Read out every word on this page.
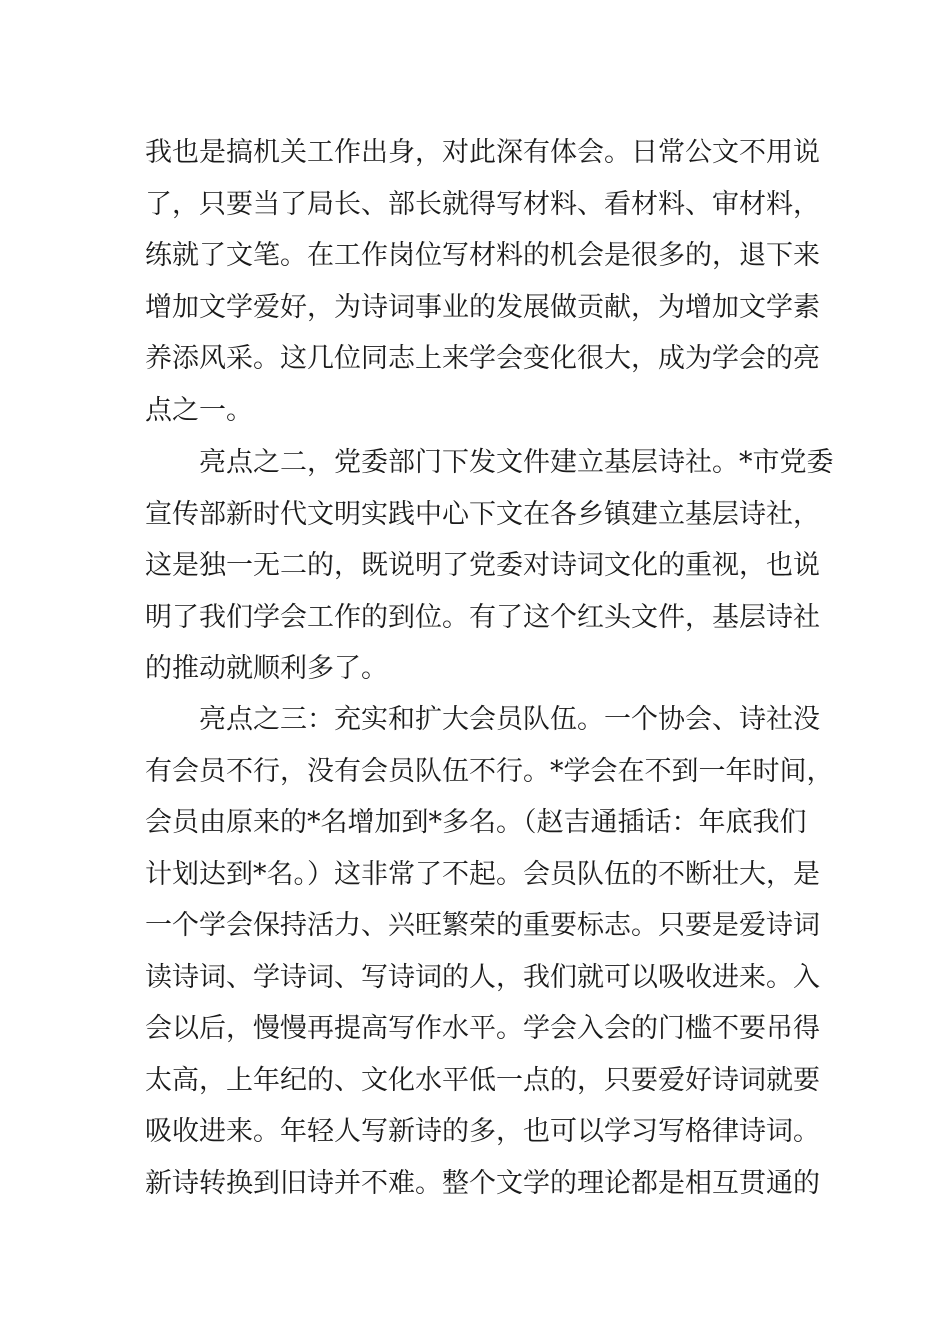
我也是搞机关工作出身，对此深有体会。日常公文不用说
了，只要当了局长、部长就得写材料、看材料、审材料，
练就了文笔。在工作岗位写材料的机会是很多的，退下来
增加文学爱好，为诗词事业的发展做贡献，为增加文学素
养添风采。这几位同志上来学会变化很大，成为学会的亮
点之一。
亮点之二，党委部门下发文件建立基层诗社。*市党委
宣传部新时代文明实践中心下文在各乡镇建立基层诗社，
这是独一无二的，既说明了党委对诗词文化的重视，也说
明了我们学会工作的到位。有了这个红头文件，基层诗社
的推动就顺利多了。
亮点之三：充实和扩大会员队伍。一个协会、诗社没
有会员不行，没有会员队伍不行。*学会在不到一年时间，
会员由原来的*名增加到*多名。（赵吉通插话：年底我们
计划达到*名。）这非常了不起。会员队伍的不断壮大，是
一个学会保持活力、兴旺繁荣的重要标志。只要是爱诗词
读诗词、学诗词、写诗词的人，我们就可以吸收进来。入
会以后，慢慢再提高写作水平。学会入会的门槛不要吊得
太高，上年纪的、文化水平低一点的，只要爱好诗词就要
吸收进来。年轻人写新诗的多，也可以学习写格律诗词。
新诗转换到旧诗并不难。整个文学的理论都是相互贯通的
